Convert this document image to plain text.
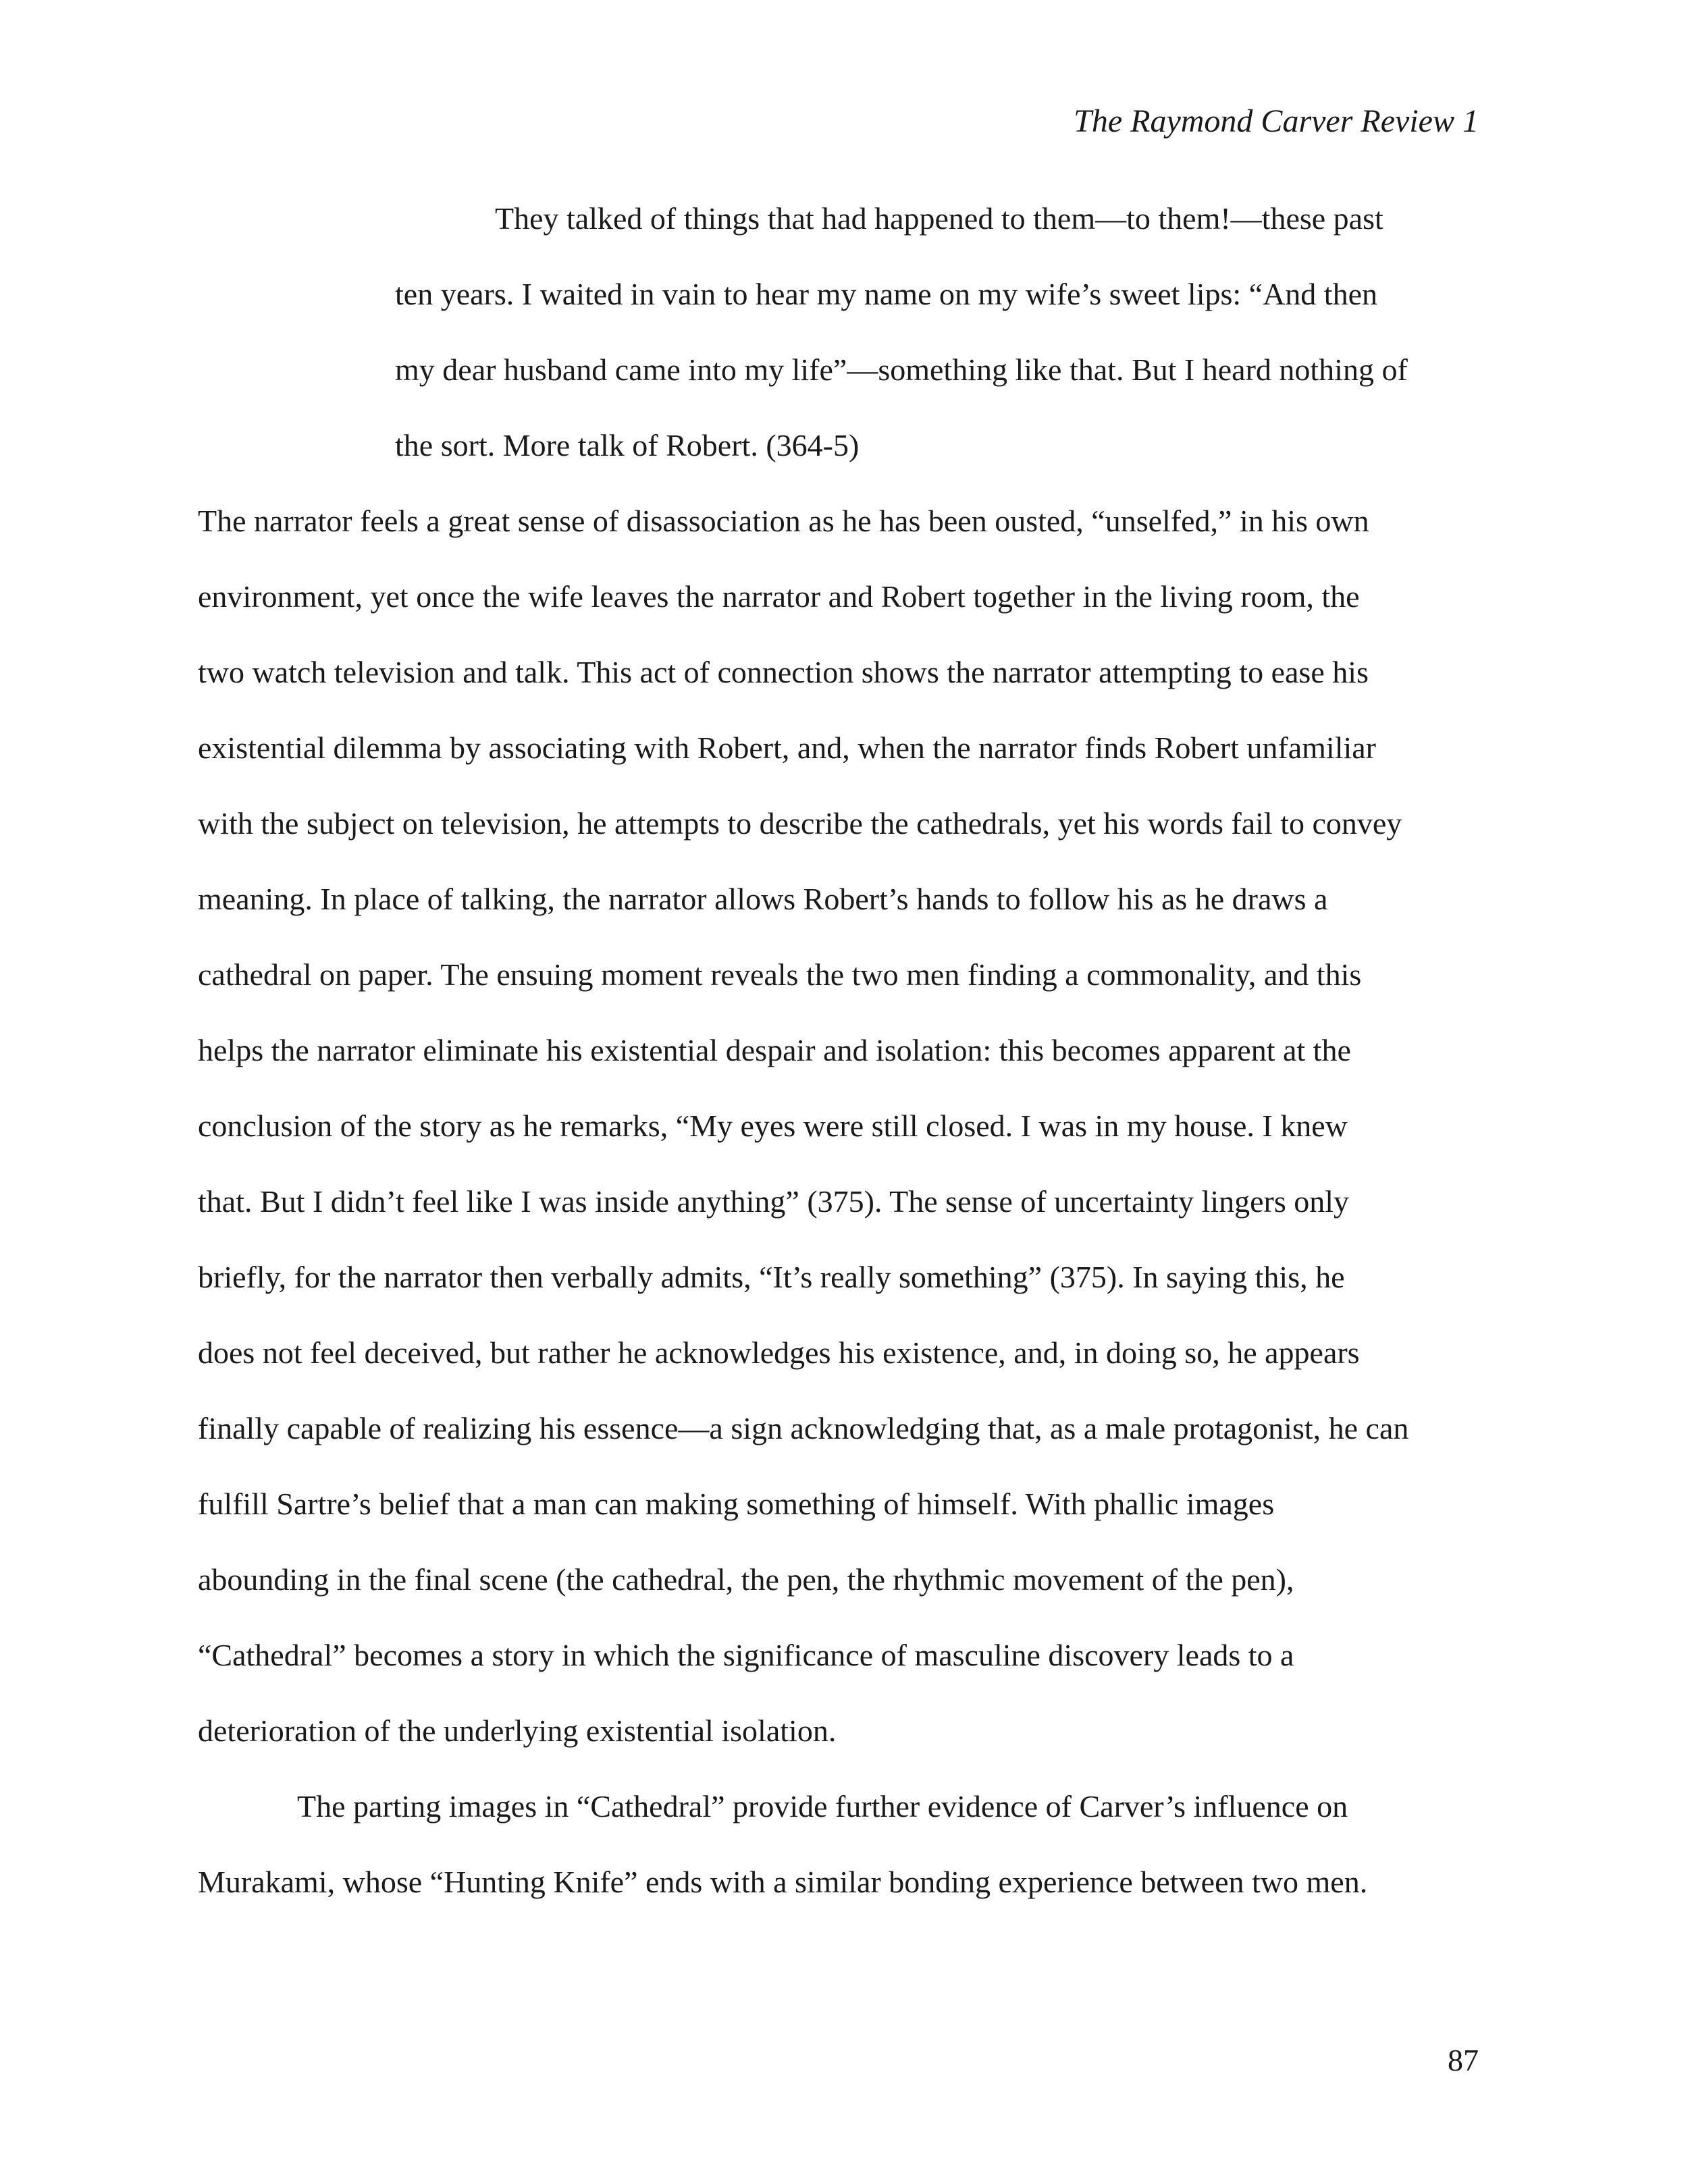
The Raymond Carver Review 1
They talked of things that had happened to them—to them!—these past
ten years. I waited in vain to hear my name on my wife’s sweet lips: “And then
my dear husband came into my life”—something like that. But I heard nothing of
the sort. More talk of Robert. (364-5)
The narrator feels a great sense of disassociation as he has been ousted, “unselfed,” in his own
environment, yet once the wife leaves the narrator and Robert together in the living room, the
two watch television and talk. This act of connection shows the narrator attempting to ease his
existential dilemma by associating with Robert, and, when the narrator finds Robert unfamiliar
with the subject on television, he attempts to describe the cathedrals, yet his words fail to convey
meaning. In place of talking, the narrator allows Robert’s hands to follow his as he draws a
cathedral on paper. The ensuing moment reveals the two men finding a commonality, and this
helps the narrator eliminate his existential despair and isolation: this becomes apparent at the
conclusion of the story as he remarks, “My eyes were still closed. I was in my house. I knew
that. But I didn’t feel like I was inside anything” (375). The sense of uncertainty lingers only
briefly, for the narrator then verbally admits, “It’s really something” (375). In saying this, he
does not feel deceived, but rather he acknowledges his existence, and, in doing so, he appears
finally capable of realizing his essence—a sign acknowledging that, as a male protagonist, he can
fulfill Sartre’s belief that a man can making something of himself. With phallic images
abounding in the final scene (the cathedral, the pen, the rhythmic movement of the pen),
“Cathedral” becomes a story in which the significance of masculine discovery leads to a
deterioration of the underlying existential isolation.
The parting images in “Cathedral” provide further evidence of Carver’s influence on
Murakami, whose “Hunting Knife” ends with a similar bonding experience between two men.
87
